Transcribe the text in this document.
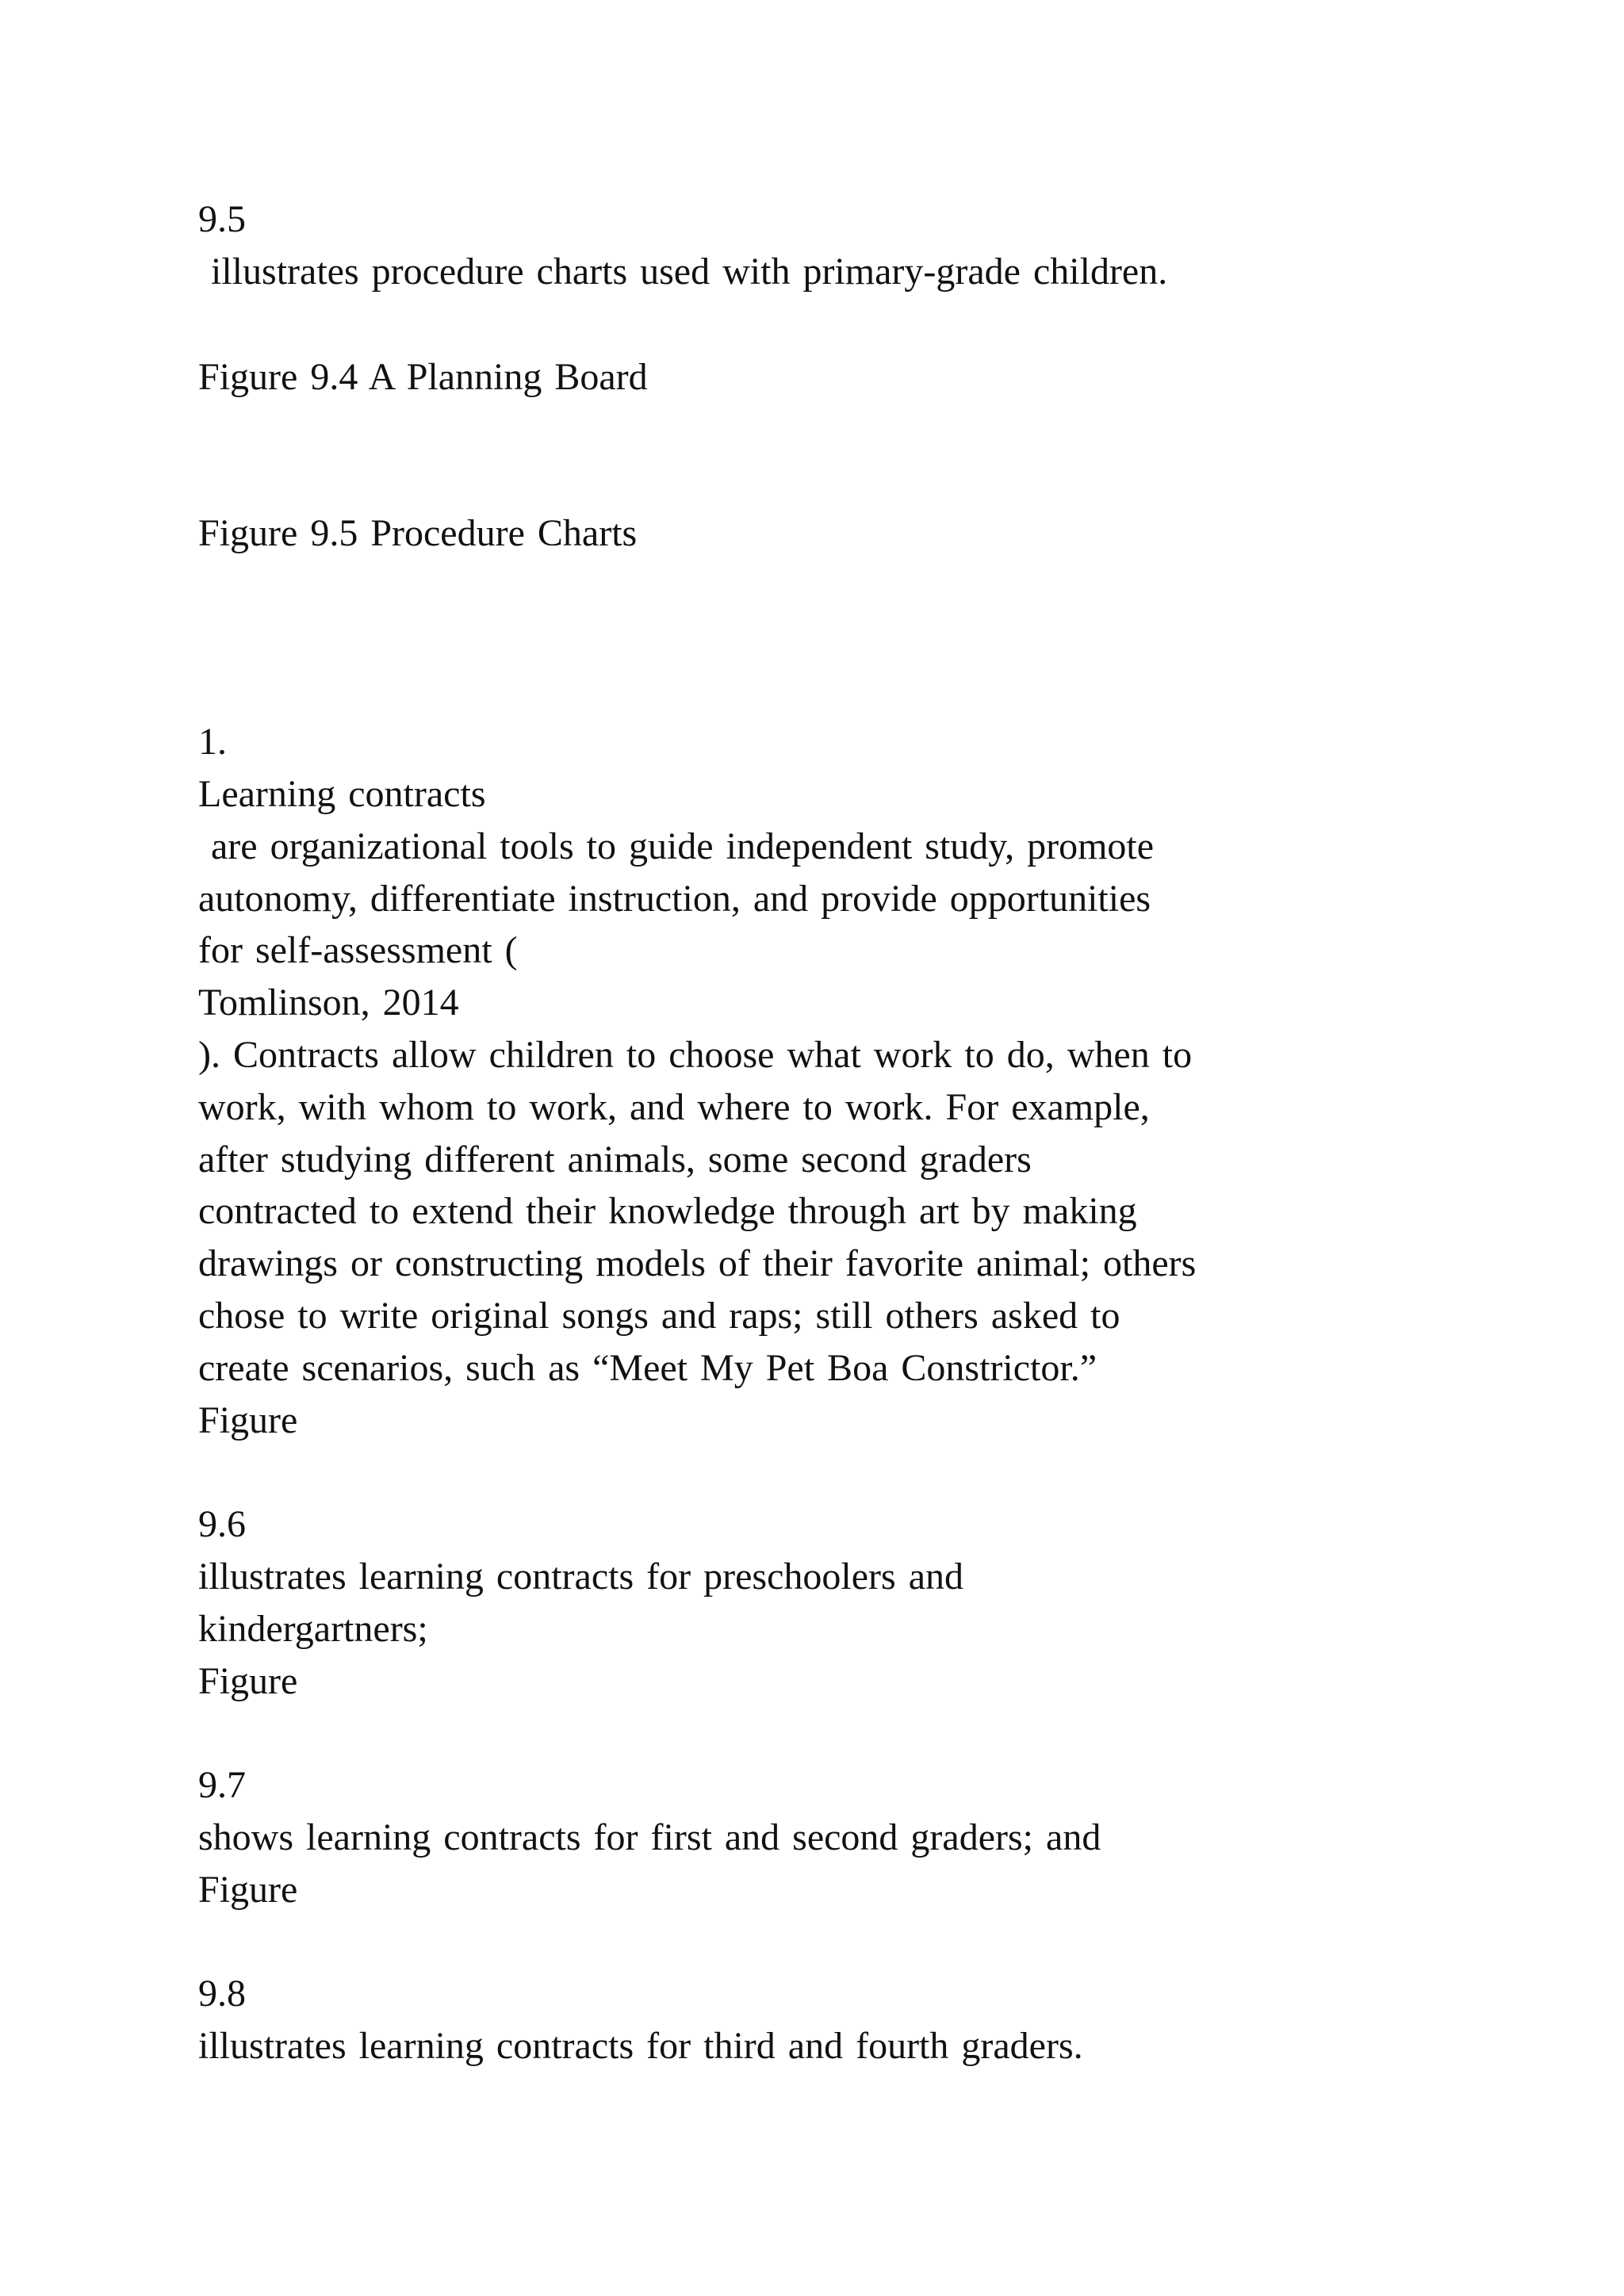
9.5

illustrates procedure charts used with primary-grade children.

Figure 9.4 A Planning Board

Figure 9.5 Procedure Charts

1.

Learning contracts

are organizational tools to guide independent study, promote

autonomy, differentiate instruction, and provide opportunities

for self-assessment (

Tomlinson, 2014

). Contracts allow children to choose what work to do, when to

work, with whom to work, and where to work. For example,

after studying different animals, some second graders

contracted to extend their knowledge through art by making

drawings or constructing models of their favorite animal; others

chose to write original songs and raps; still others asked to

create scenarios, such as “Meet My Pet Boa Constrictor.”

Figure

9.6

illustrates learning contracts for preschoolers and

kindergartners;

Figure

9.7

shows learning contracts for first and second graders; and

Figure

9.8

illustrates learning contracts for third and fourth graders.
